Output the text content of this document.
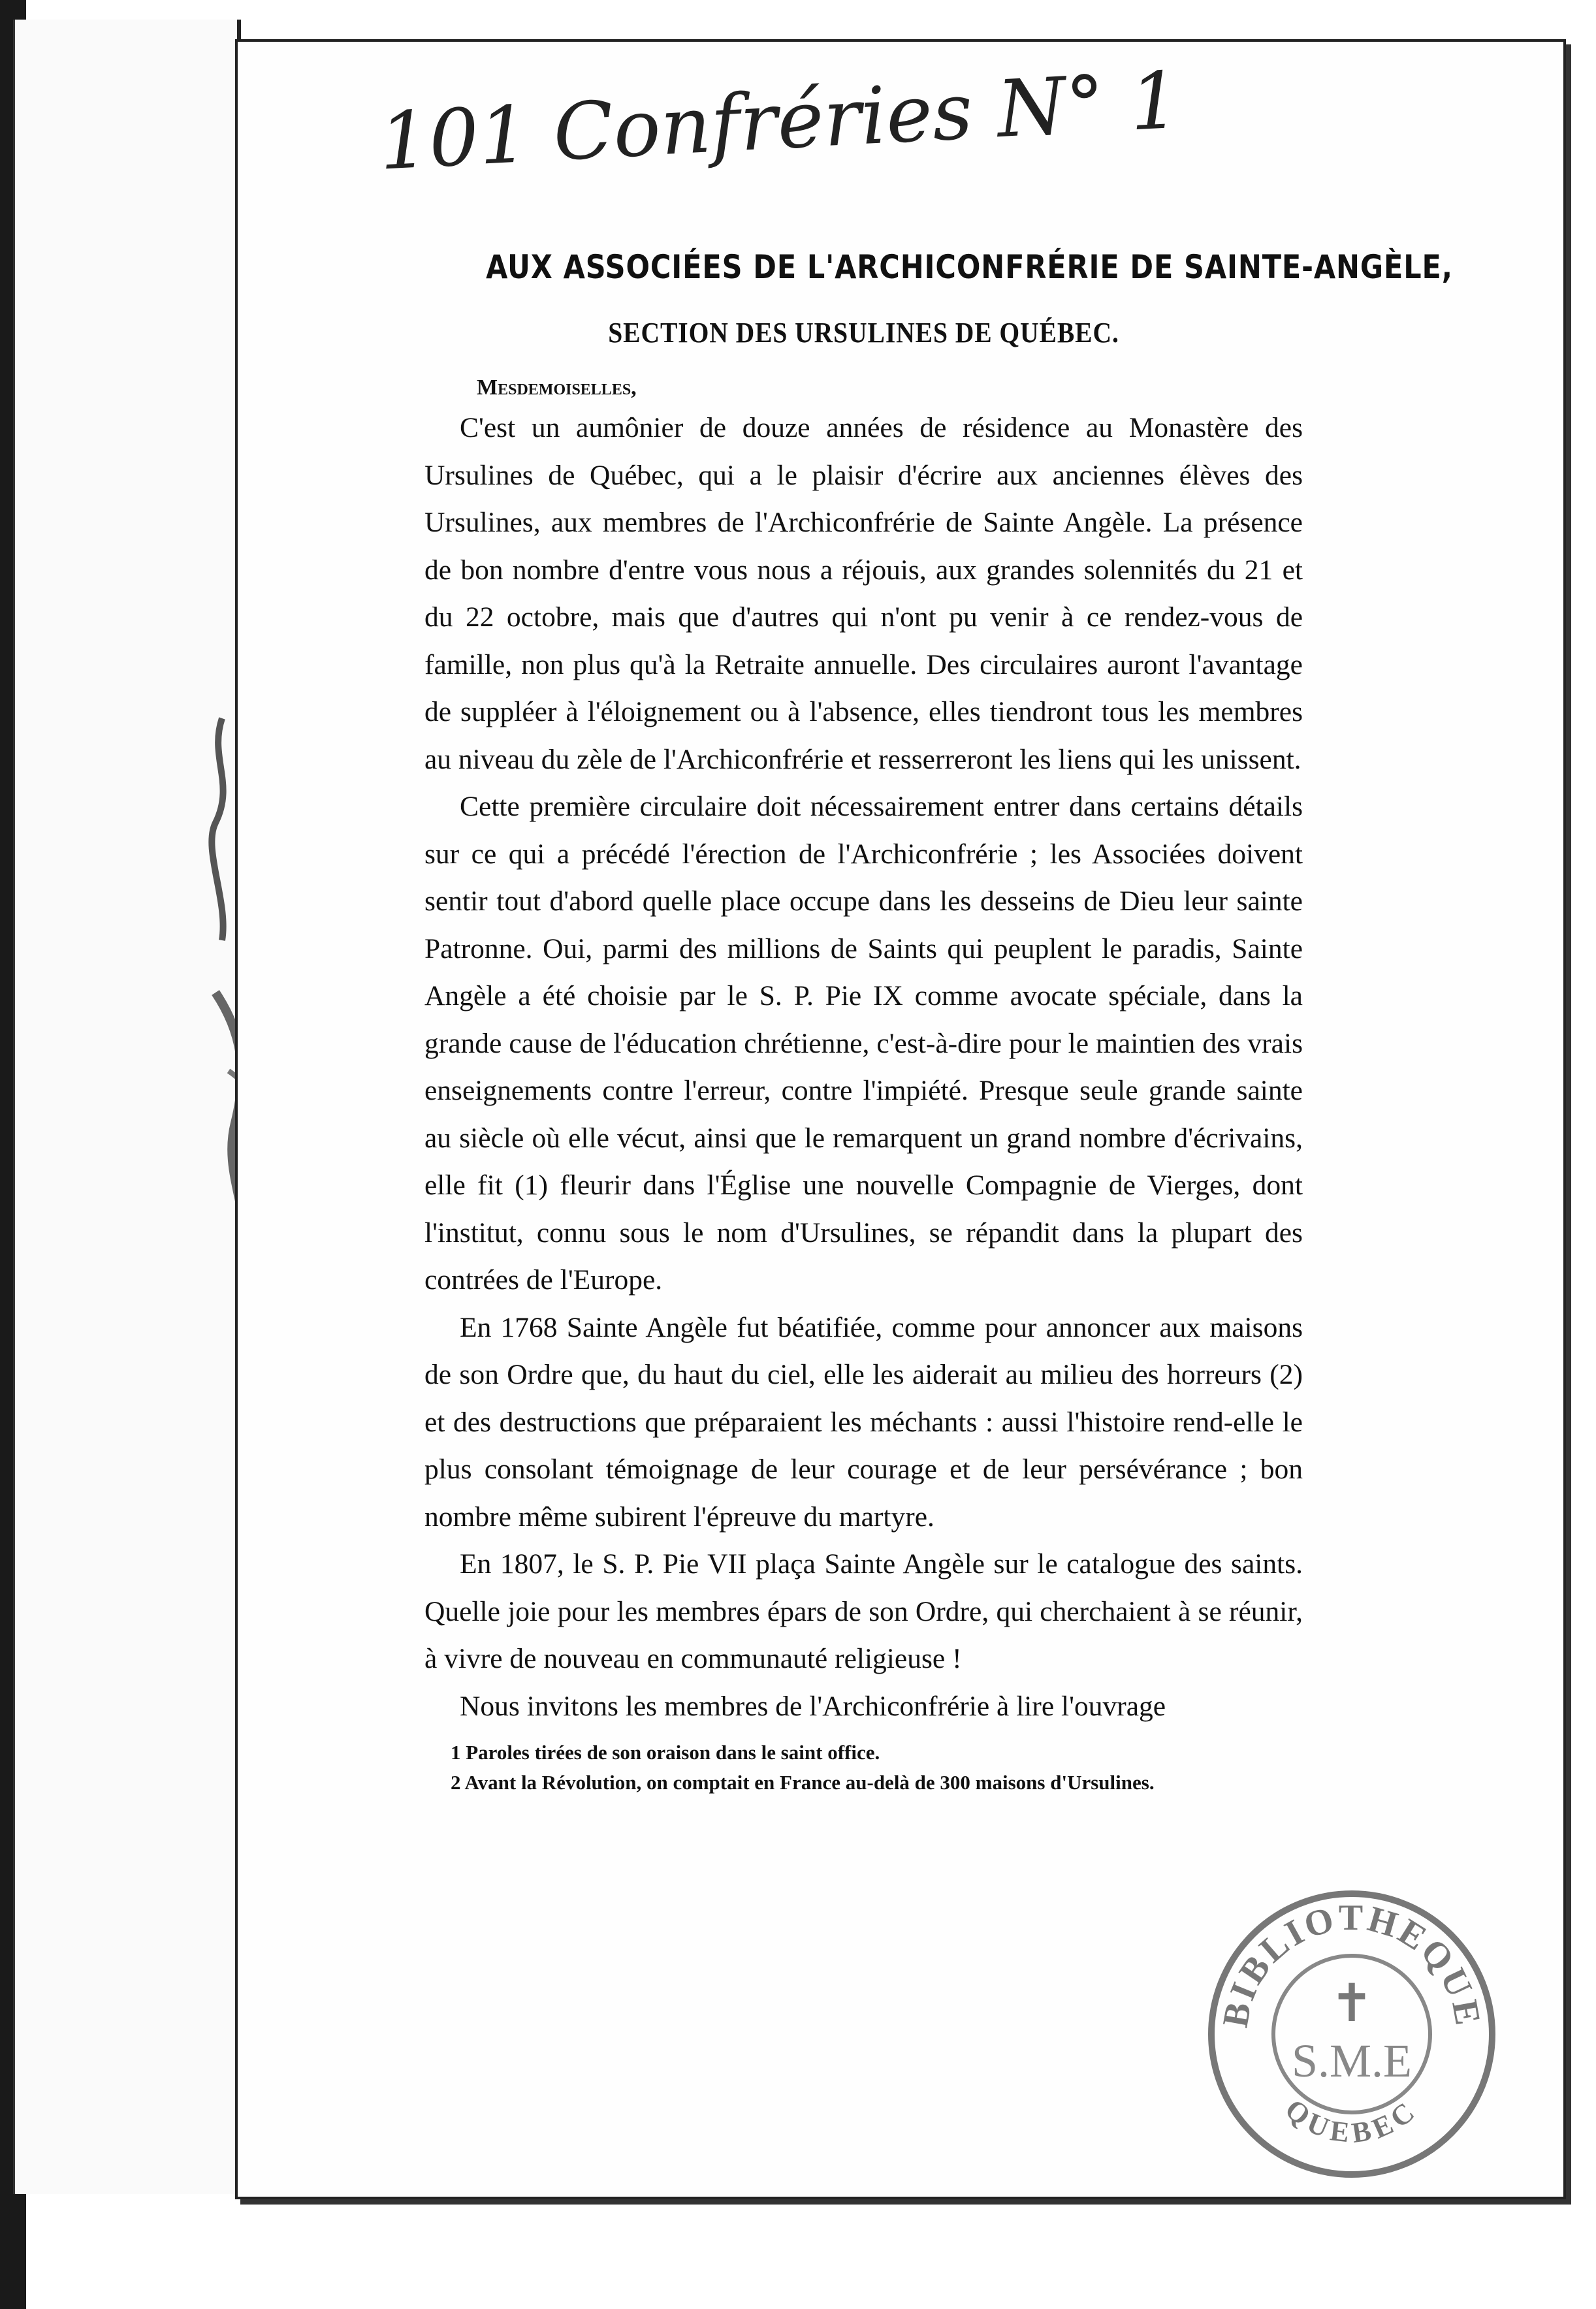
101 Confréries N° 1
AUX ASSOCIÉES DE L'ARCHICONFRÉRIE DE SAINTE-ANGÈLE,
SECTION DES URSULINES DE QUÉBEC.
Mesdemoiselles,

C'est un aumônier de douze années de résidence au Monastère des Ursulines de Québec, qui a le plaisir d'écrire aux anciennes élèves des Ursulines, aux membres de l'Archiconfrérie de Sainte Angèle. La présence de bon nombre d'entre vous nous a réjouis, aux grandes solennités du 21 et du 22 octobre, mais que d'autres qui n'ont pu venir à ce rendez-vous de famille, non plus qu'à la Retraite annuelle. Des circulaires auront l'avantage de suppléer à l'éloignement ou à l'absence, elles tiendront tous les membres au niveau du zèle de l'Archiconfrérie et resserreront les liens qui les unissent.

Cette première circulaire doit nécessairement entrer dans certains détails sur ce qui a précédé l'érection de l'Archiconfrérie ; les Associées doivent sentir tout d'abord quelle place occupe dans les desseins de Dieu leur sainte Patronne. Oui, parmi des millions de Saints qui peuplent le paradis, Sainte Angèle a été choisie par le S. P. Pie IX comme avocate spéciale, dans la grande cause de l'éducation chrétienne, c'est-à-dire pour le maintien des vrais enseignements contre l'erreur, contre l'impiété. Presque seule grande sainte au siècle où elle vécut, ainsi que le remarquent un grand nombre d'écrivains, elle fit (1) fleurir dans l'Église une nouvelle Compagnie de Vierges, dont l'institut, connu sous le nom d'Ursulines, se répandit dans la plupart des contrées de l'Europe.

En 1768 Sainte Angèle fut béatifiée, comme pour annoncer aux maisons de son Ordre que, du haut du ciel, elle les aiderait au milieu des horreurs (2) et des destructions que préparaient les méchants : aussi l'histoire rend-elle le plus consolant témoignage de leur courage et de leur persévérance ; bon nombre même subirent l'épreuve du martyre.

En 1807, le S. P. Pie VII plaça Sainte Angèle sur le catalogue des saints. Quelle joie pour les membres épars de son Ordre, qui cherchaient à se réunir, à vivre de nouveau en communauté religieuse !

Nous invitons les membres de l'Archiconfrérie à lire l'ouvrage

1 Paroles tirées de son oraison dans le saint office.

2 Avant la Révolution, on comptait en France au-delà de 300 maisons d'Ursulines.

BIBLIOTHEQUE
QUEBEC
✝
S.M.E
